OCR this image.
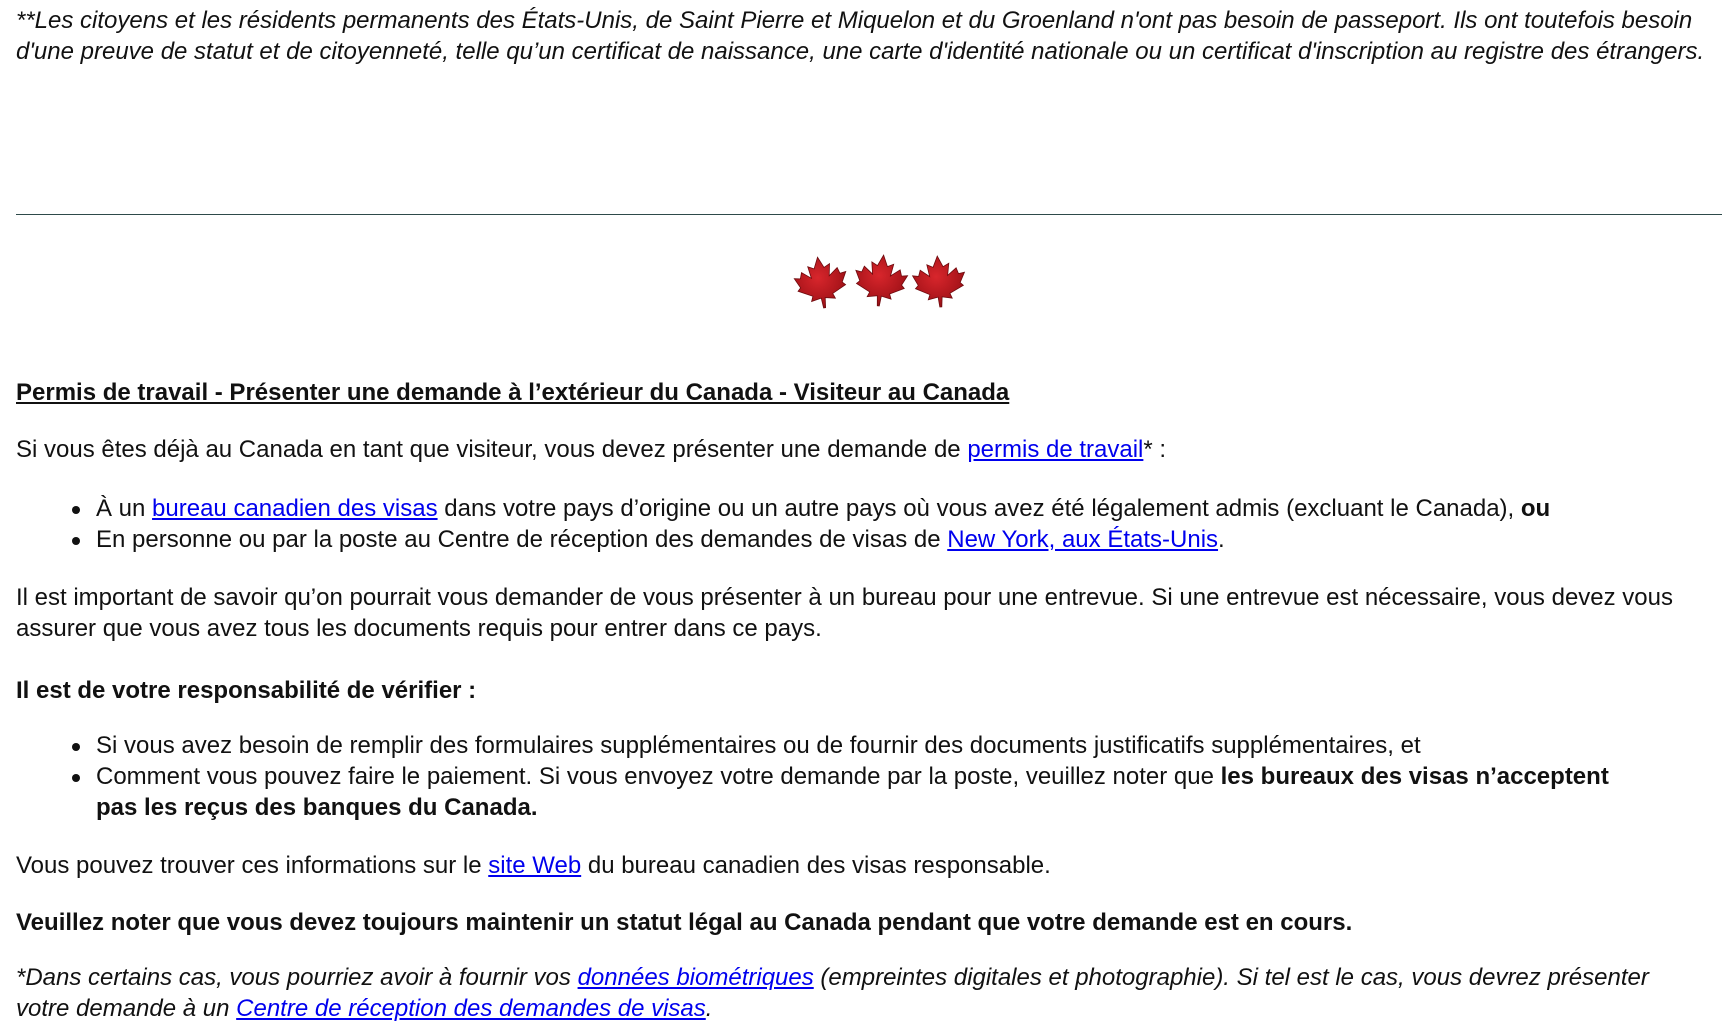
**Les citoyens et les résidents permanents des États-Unis, de Saint Pierre et Miquelon et du Groenland n'ont pas besoin de passeport. Ils ont toutefois besoin d'une preuve de statut et de citoyenneté, telle qu’un certificat de naissance, une carte d'identité nationale ou un certificat d'inscription au registre des étrangers.

Permis de travail - Présenter une demande à l’extérieur du Canada - Visiteur au Canada

Si vous êtes déjà au Canada en tant que visiteur, vous devez présenter une demande de permis de travail* :

À un bureau canadien des visas dans votre pays d’origine ou un autre pays où vous avez été légalement admis (excluant le Canada), ou
En personne ou par la poste au Centre de réception des demandes de visas de New York, aux États-Unis.

Il est important de savoir qu’on pourrait vous demander de vous présenter à un bureau pour une entrevue. Si une entrevue est nécessaire, vous devez vous assurer que vous avez tous les documents requis pour entrer dans ce pays.

Il est de votre responsabilité de vérifier :

Si vous avez besoin de remplir des formulaires supplémentaires ou de fournir des documents justificatifs supplémentaires, et
Comment vous pouvez faire le paiement. Si vous envoyez votre demande par la poste, veuillez noter que les bureaux des visas n’acceptent pas les reçus des banques du Canada.

Vous pouvez trouver ces informations sur le site Web du bureau canadien des visas responsable.

Veuillez noter que vous devez toujours maintenir un statut légal au Canada pendant que votre demande est en cours.

*Dans certains cas, vous pourriez avoir à fournir vos données biométriques (empreintes digitales et photographie). Si tel est le cas, vous devrez présenter votre demande à un Centre de réception des demandes de visas.
